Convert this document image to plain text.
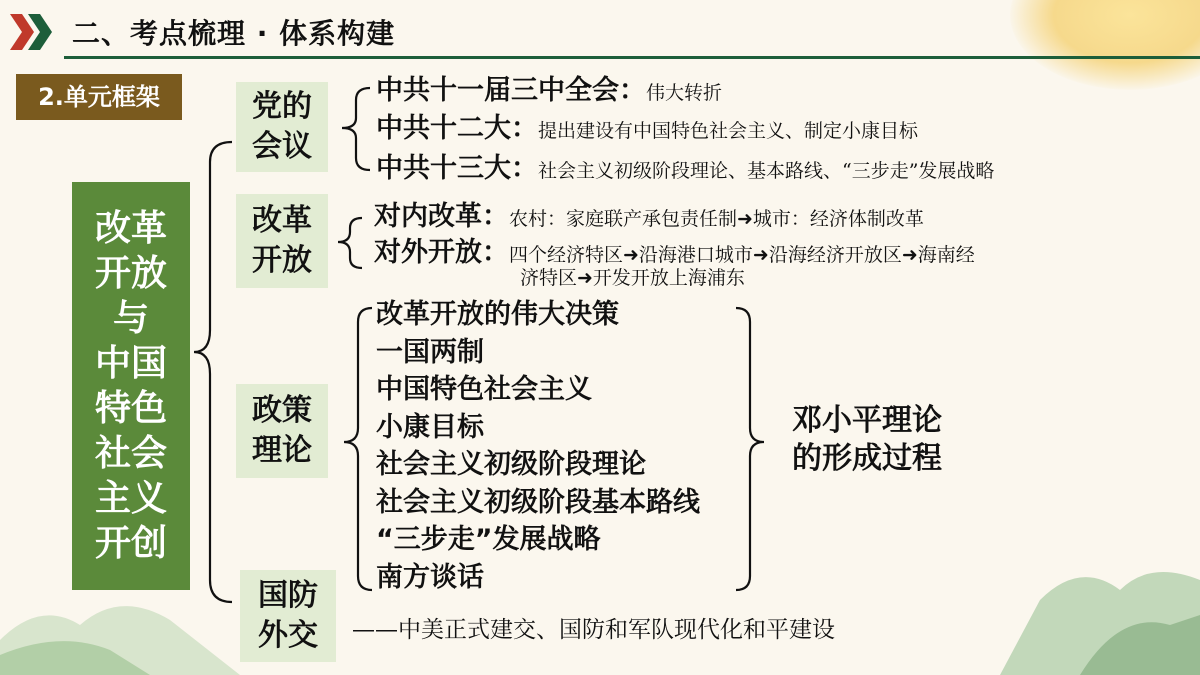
二、考点梳理 · 体系构建
2.单元框架
改革
开放
与
中国
特色
社会
主义
开创
党的
会议
中共十一届三中全会：伟大转折
中共十二大：提出建设有中国特色社会主义、制定小康目标
中共十三大：社会主义初级阶段理论、基本路线、“三步走”发展战略
改革
开放
对内改革：农村：家庭联产承包责任制➜城市：经济体制改革
对外开放：四个经济特区➜沿海港口城市➜沿海经济开放区➜海南经
济特区➜开发开放上海浦东
政策
理论
改革开放的伟大决策
一国两制
中国特色社会主义
小康目标
社会主义初级阶段理论
社会主义初级阶段基本路线
“三步走”发展战略
南方谈话
邓小平理论
的形成过程
国防
外交 ——中美正式建交、国防和军队现代化和平建设
